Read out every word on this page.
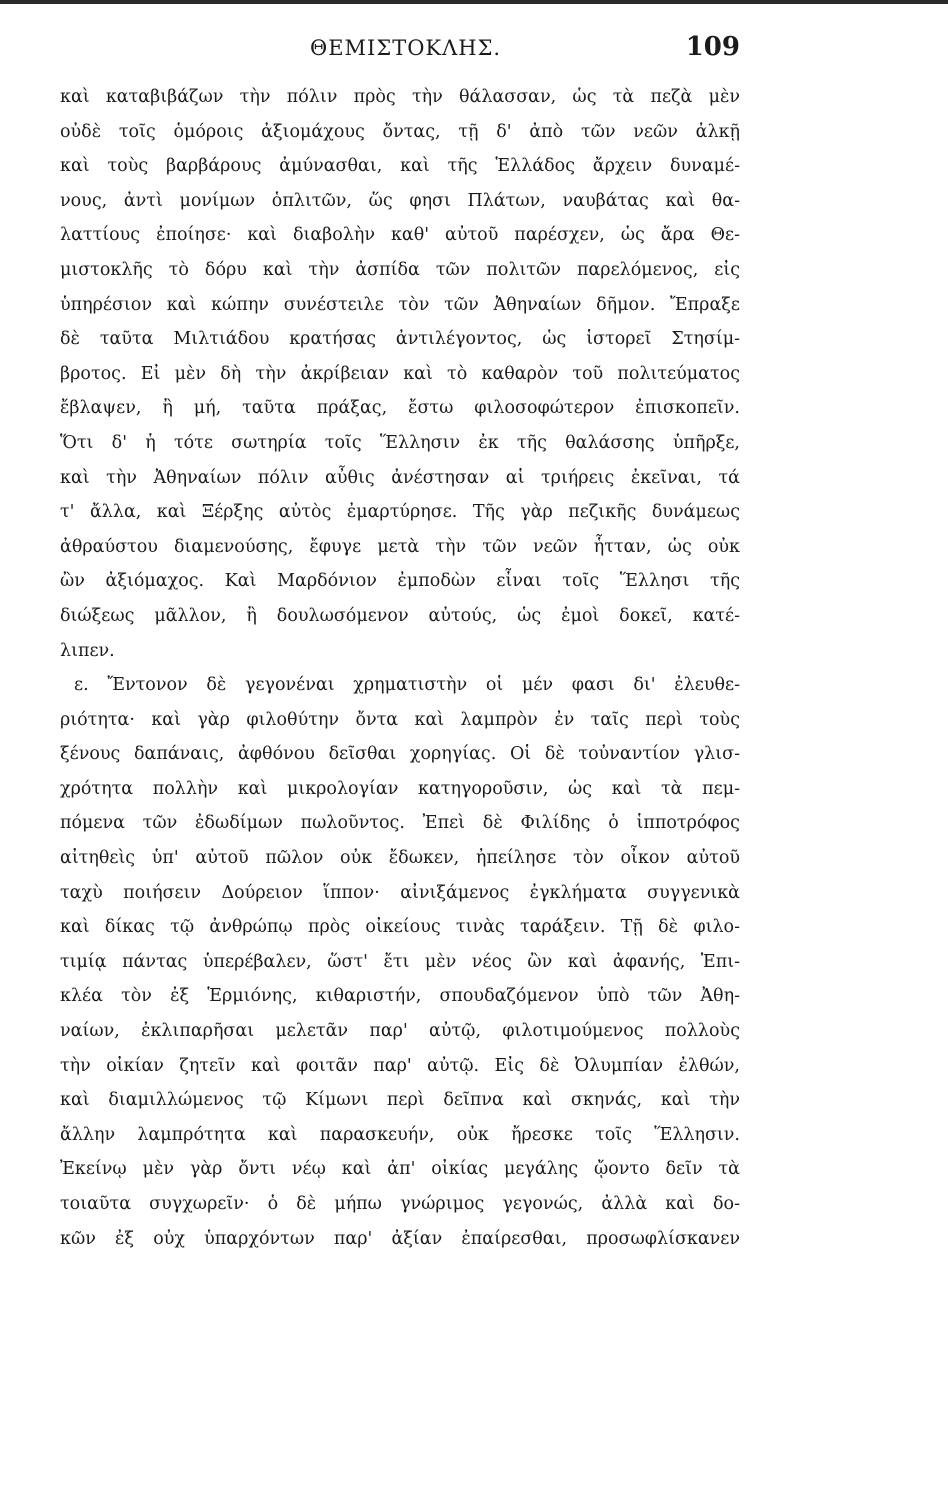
ΘΕΜΙΣΤΟΚΛΗΣ.	109
καὶ καταβιβάζων τὴν πόλιν πρὸς τὴν θάλασσαν, ὡς τὰ πεζὰ μὲν
οὐδὲ τοῖς ὁμόροις ἀξιομάχους ὄντας, τῇ δ' ἀπὸ τῶν νεῶν ἀλκῇ
καὶ τοὺς βαρβάρους ἀμύνασθαι, καὶ τῆς Ἑλλάδος ἄρχειν δυναμέ-
νους, ἀντὶ μονίμων ὁπλιτῶν, ὥς φησι Πλάτων, ναυβάτας καὶ θα-
λαττίους ἐποίησε· καὶ διαβολὴν καθ' αὐτοῦ παρέσχεν, ὡς ἄρα Θε-
μιστοκλῆς τὸ δόρυ καὶ τὴν ἀσπίδα τῶν πολιτῶν παρελόμενος, εἰς
ὑπηρέσιον καὶ κώπην συνέστειλε τὸν τῶν Ἀθηναίων δῆμον. Ἔπραξε
δὲ ταῦτα Μιλτιάδου κρατήσας ἀντιλέγοντος, ὡς ἱστορεῖ Στησίμ-
βροτος. Εἰ μὲν δὴ τὴν ἀκρίβειαν καὶ τὸ καθαρὸν τοῦ πολιτεύματος
ἔβλαψεν, ἢ μή, ταῦτα πράξας, ἔστω φιλοσοφώτερον ἐπισκοπεῖν.
Ὅτι δ' ἡ τότε σωτηρία τοῖς Ἕλλησιν ἐκ τῆς θαλάσσης ὑπῆρξε,
καὶ τὴν Ἀθηναίων πόλιν αὖθις ἀνέστησαν αἱ τριήρεις ἐκεῖναι, τά
τ' ἄλλα, καὶ Ξέρξης αὐτὸς ἐμαρτύρησε. Τῆς γὰρ πεζικῆς δυνάμεως
ἀθραύστου διαμενούσης, ἔφυγε μετὰ τὴν τῶν νεῶν ἧτταν, ὡς οὐκ
ὢν ἀξιόμαχος. Καὶ Μαρδόνιον ἐμποδὼν εἶναι τοῖς Ἕλλησι τῆς
διώξεως μᾶλλον, ἢ δουλωσόμενον αὐτούς, ὡς ἐμοὶ δοκεῖ, κατέ-
λιπεν.
ε. Ἔντονον δὲ γεγονέναι χρηματιστὴν οἱ μέν φασι δι' ἐλευθε-
ριότητα· καὶ γὰρ φιλοθύτην ὄντα καὶ λαμπρὸν ἐν ταῖς περὶ τοὺς
ξένους δαπάναις, ἀφθόνου δεῖσθαι χορηγίας. Οἱ δὲ τοὐναντίον γλισ-
χρότητα πολλὴν καὶ μικρολογίαν κατηγοροῦσιν, ὡς καὶ τὰ πεμ-
πόμενα τῶν ἐδωδίμων πωλοῦντος. Ἐπεὶ δὲ Φιλίδης ὁ ἱπποτρόφος
αἰτηθεὶς ὑπ' αὐτοῦ πῶλον οὐκ ἔδωκεν, ἠπείλησε τὸν οἶκον αὐτοῦ
ταχὺ ποιήσειν Δούρειον ἵππον· αἰνιξάμενος ἐγκλήματα συγγενικὰ
καὶ δίκας τῷ ἀνθρώπῳ πρὸς οἰκείους τινὰς ταράξειν. Τῇ δὲ φιλο-
τιμίᾳ πάντας ὑπερέβαλεν, ὥστ' ἔτι μὲν νέος ὢν καὶ ἀφανής, Ἐπι-
κλέα τὸν ἐξ Ἑρμιόνης, κιθαριστήν, σπουδαζόμενον ὑπὸ τῶν Ἀθη-
ναίων, ἐκλιπαρῆσαι μελετᾶν παρ' αὐτῷ, φιλοτιμούμενος πολλοὺς
τὴν οἰκίαν ζητεῖν καὶ φοιτᾶν παρ' αὐτῷ. Εἰς δὲ Ὀλυμπίαν ἐλθών,
καὶ διαμιλλώμενος τῷ Κίμωνι περὶ δεῖπνα καὶ σκηνάς, καὶ τὴν
ἄλλην λαμπρότητα καὶ παρασκευήν, οὐκ ἤρεσκε τοῖς Ἕλλησιν.
Ἐκείνῳ μὲν γὰρ ὄντι νέῳ καὶ ἀπ' οἰκίας μεγάλης ᾤοντο δεῖν τὰ
τοιαῦτα συγχωρεῖν· ὁ δὲ μήπω γνώριμος γεγονώς, ἀλλὰ καὶ δο-
κῶν ἐξ οὐχ ὑπαρχόντων παρ' ἀξίαν ἐπαίρεσθαι, προσωφλίσκανεν
